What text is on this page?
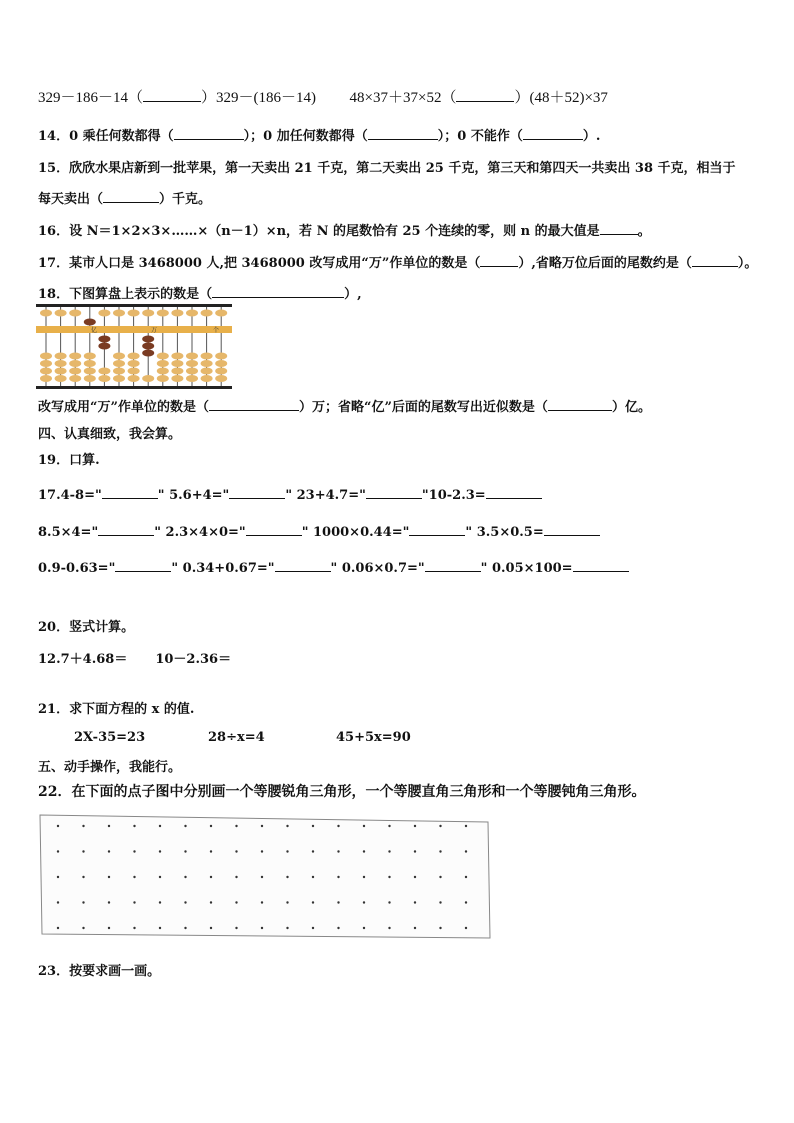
329－186－14（	）329－(186－14) 48×37＋37×52（	）(48＋52)×37
14．0 乘任何数都得（	）；0 加任何数都得（	）；0 不能作（	）.
15．欣欣水果店新到一批苹果，第一天卖出 21 千克，第二天卖出 25 千克，第三天和第四天一共卖出 38 千克，相当于
每天卖出（	）千克。
16．设 N＝1×2×3×……×（n－1）×n，若 N 的尾数恰有 25 个连续的零，则 n 的最大值是	。
17．某市人口是 3468000 人,把 3468000 改写成用“万”作单位的数是（	）,省略万位后面的尾数约是（	）。
18．下图算盘上表示的数是（	）,
亿	万	个
改写成用“万”作单位的数是（	）万；省略“亿”后面的尾数写出近似数是（	）亿。
四、认真细致，我会算。
19．口算.
17.4-8="	" 5.6+4="	" 23+4.7="	"10-2.3=
8.5×4="	" 2.3×4×0="	" 1000×0.44="	" 3.5×0.5=
0.9-0.63="	" 0.34+0.67="	" 0.06×0.7="	" 0.05×100=
20．竖式计算。
12.7＋4.68＝ 10－2.36＝
21．求下面方程的 x 的值.
2X-35=23	28÷x=4	45+5x=90
五、动手操作，我能行。
22．在下面的点子图中分别画一个等腰锐角三角形，一个等腰直角三角形和一个等腰钝角三角形。
23．按要求画一画。
